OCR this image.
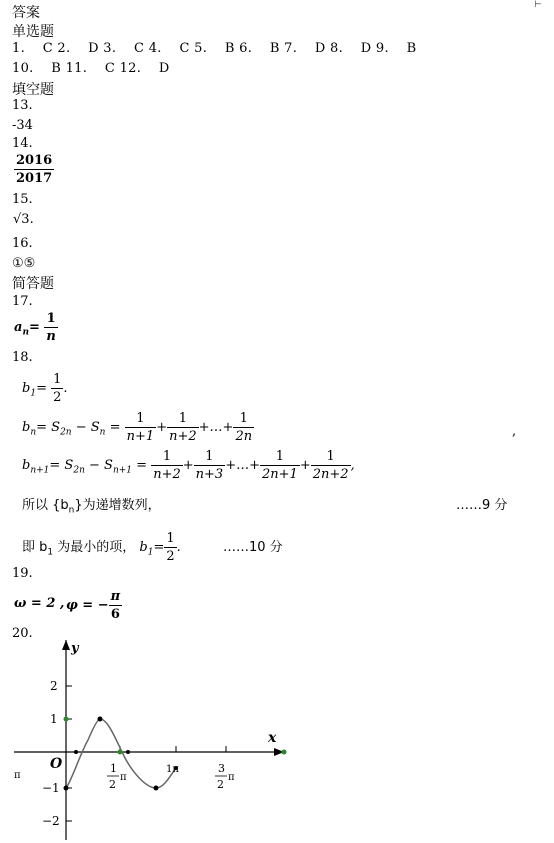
答案	⊢
单选题
1.    C 2.    D 3.    C 4.    C 5.    B 6.    B 7.    D 8.    D 9.    B
10.    B 11.    C 12.    D
填空题
13.
-34
14.
$\frac{2016}{2017}$
15.
√3.
16.
①⑤
简答题
17.
$a_n= \frac{1}{n}$
18.
$b_1= \frac{1}{2}$ .
$b_n= S_{2n} - S_n = \frac{1}{n+1} + \frac{1}{n+2}$ +…+ $\frac{1}{2n}$	,
$b_{n+1}= S_{2n} - S_{n+1} = \frac{1}{n+2} + \frac{1}{n+3}$ +…+ $\frac{1}{2n+1} + \frac{1}{2n+2}$ ,
所以 $\{b_n\}$为递增数列，	……9 分
即 $b_1$ 为最小的项， $b_1= \frac{1}{2}$ .	……10 分
19.
ω = 2 , φ = − $\frac{\pi}{6}$
20.
y
x
O
2
1
−1
−2
π
1
2
π
1π	3
2
π
